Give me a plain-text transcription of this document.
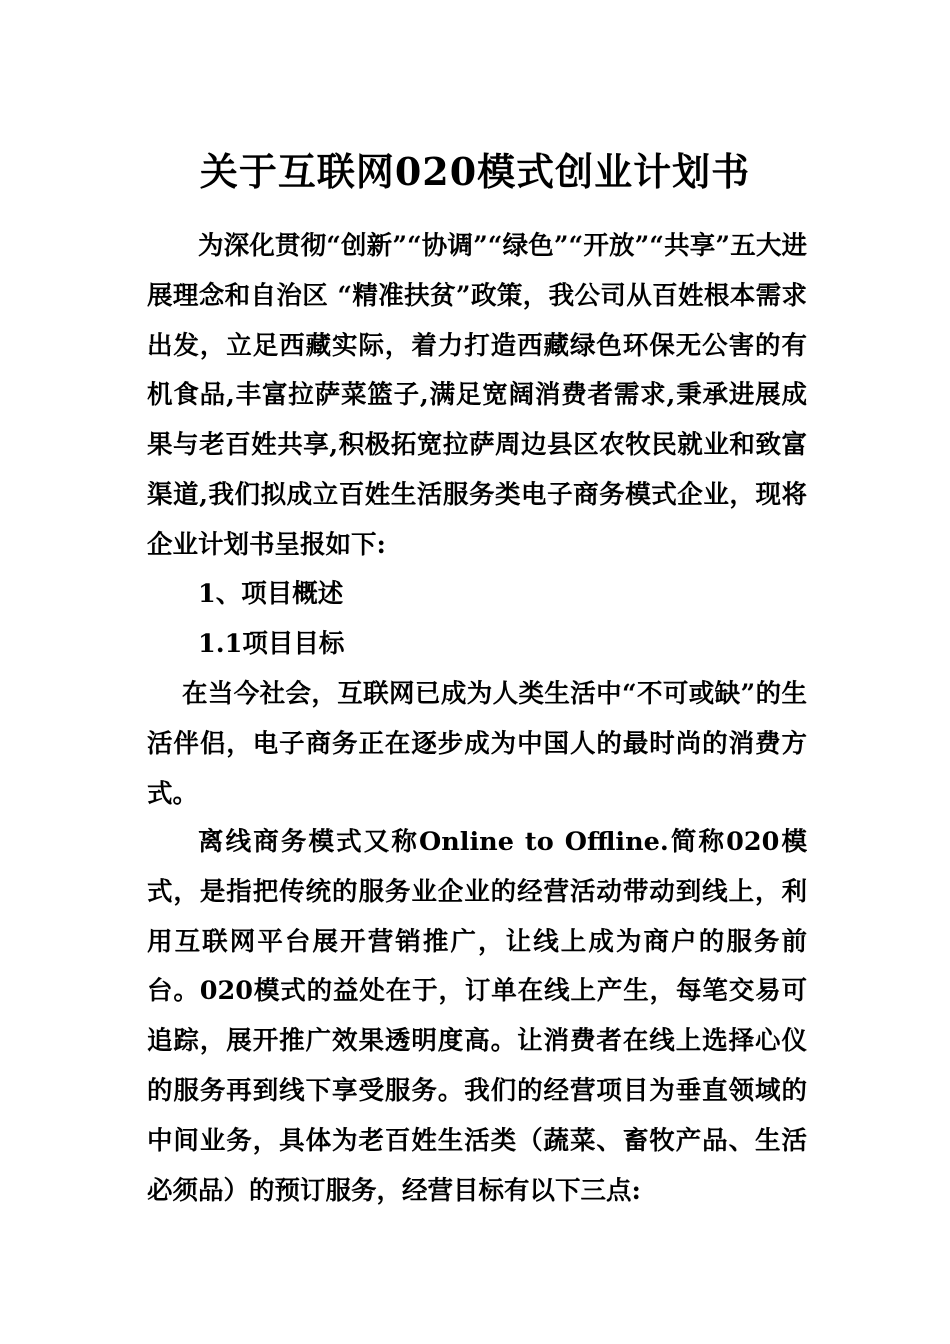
关于互联网020模式创业计划书
为深化贯彻“创新”“协调”“绿色”“开放”“共享”五大进展理念和自治区 “精准扶贫”政策，我公司从百姓根本需求出发，立足西藏实际，着力打造西藏绿色环保无公害的有机食品,丰富拉萨菜篮子,满足宽阔消费者需求,秉承进展成果与老百姓共享,积极拓宽拉萨周边县区农牧民就业和致富渠道,我们拟成立百姓生活服务类电子商务模式企业，现将企业计划书呈报如下:
1、项目概述
1.1项目目标
在当今社会，互联网已成为人类生活中“不可或缺”的生活伴侣，电子商务正在逐步成为中国人的最时尚的消费方式。
离线商务模式又称Online to Offline.简称020模式，是指把传统的服务业企业的经营活动带动到线上，利用互联网平台展开营销推广，让线上成为商户的服务前台。020模式的益处在于，订单在线上产生，每笔交易可追踪，展开推广效果透明度高。让消费者在线上选择心仪的服务再到线下享受服务。我们的经营项目为垂直领域的中间业务，具体为老百姓生活类（蔬菜、畜牧产品、生活必须品）的预订服务，经营目标有以下三点:
